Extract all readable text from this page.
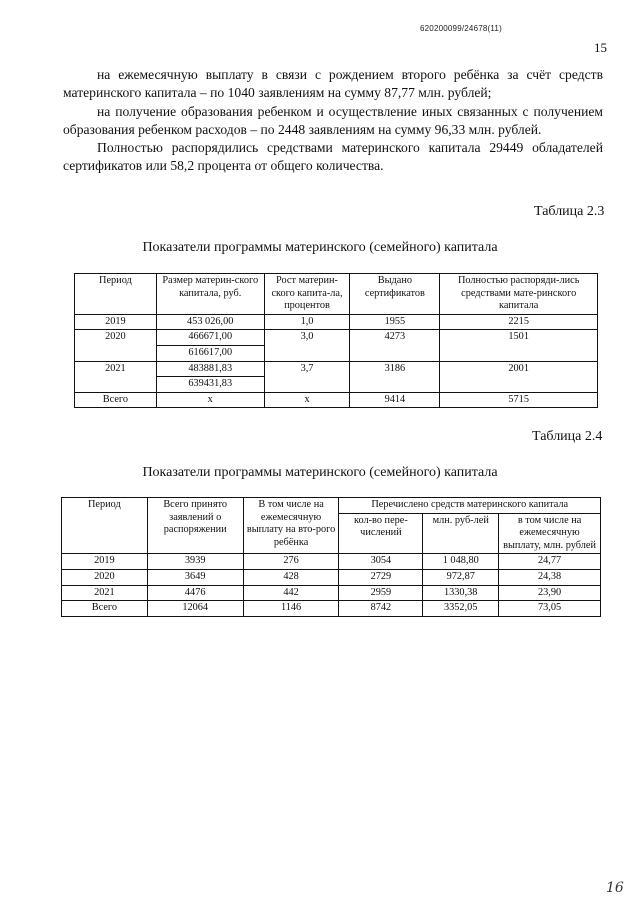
620200099/24678(11)
15

на ежемесячную выплату в связи с рождением второго ребёнка за счёт средств материнского капитала – по 1040 заявлениям на сумму 87,77 млн. рублей;

на получение образования ребенком и осуществление иных связанных с получением образования ребенком расходов – по 2448 заявлениям на сумму 96,33 млн. рублей.

Полностью распорядились средствами материнского капитала 29449 обладателей сертификатов или 58,2 процента от общего количества.

Таблица 2.3
Показатели программы материнского (семейного) капитала
Период	Размер материн-ского капитала, руб.	Рост материн-ского капита-ла, процентов	Выдано сертификатов	Полностью распоряди-лись средствами мате-ринского капитала
2019	453 026,00	1,0	1955	2215
2020	466671,00	3,0	4273	1501
	616617,00			
2021	483881,83	3,7	3186	2001
	639431,83			
Всего	х	х	9414	5715
Таблица 2.4
Показатели программы материнского (семейного) капитала
Период	Всего принято заявлений о распоряжении	В том числе на ежемесячную выплату на вто-рого ребёнка	Перечислено средств материнского капитала		
			кол-во пере-числений	млн. руб-лей	в том числе на ежемесячную выплату, млн. рублей
2019	3939	276	3054	1 048,80	24,77
2020	3649	428	2729	972,87	24,38
2021	4476	442	2959	1330,38	23,90
Всего	12064	1146	8742	3352,05	73,05
16
